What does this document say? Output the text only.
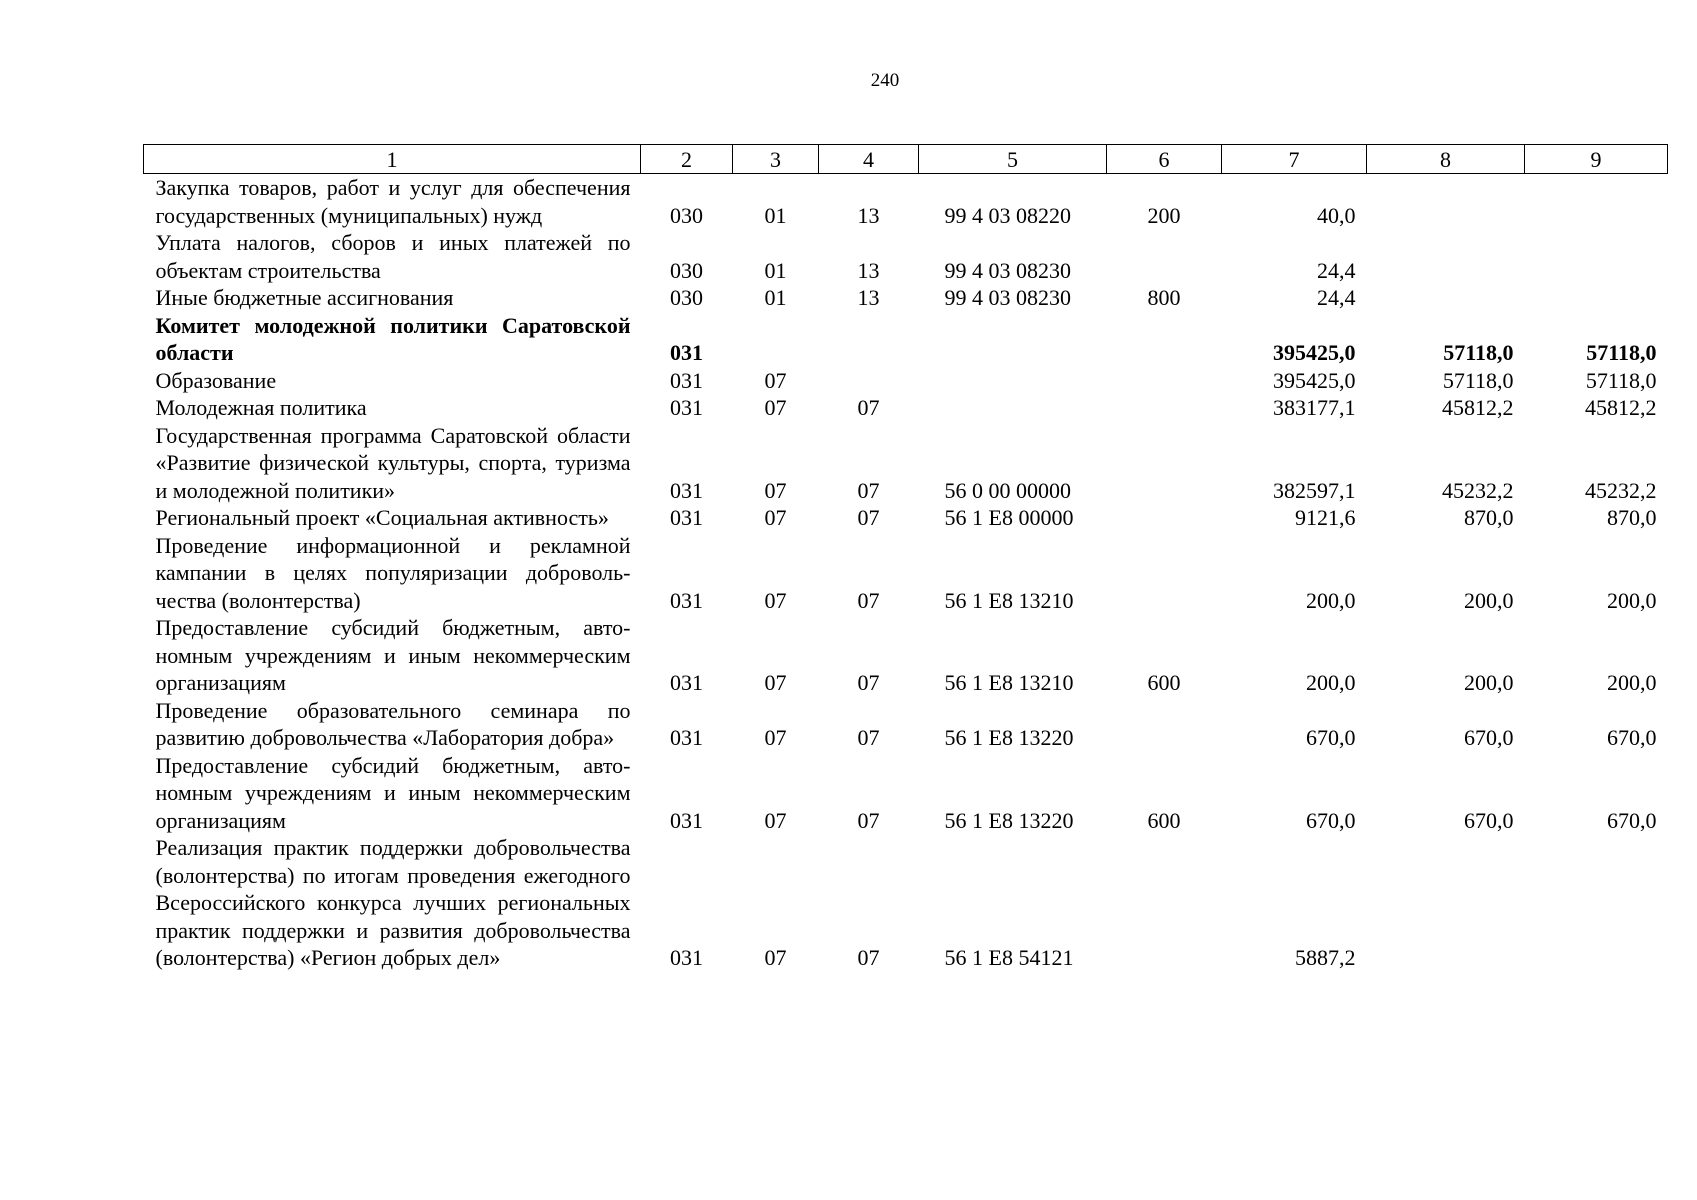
240
1	2	3	4	5	6	7	8	9
Закупка товаров, работ и услуг для обеспечения государственных (муниципальных) нужд	030	01	13	99 4 03 08220	200	40,0		
Уплата налогов, сборов и иных платежей по объектам строительства	030	01	13	99 4 03 08230		24,4		
Иные бюджетные ассигнования	030	01	13	99 4 03 08230	800	24,4		
Комитет молодежной политики Саратовской области	031					395425,0	57118,0	57118,0
Образование	031	07				395425,0	57118,0	57118,0
Молодежная политика	031	07	07			383177,1	45812,2	45812,2
Государственная программа Саратовской области «Развитие физической культуры, спорта, туризма и молодежной политики»	031	07	07	56 0 00 00000		382597,1	45232,2	45232,2
Региональный проект «Социальная активность»	031	07	07	56 1 E8 00000		9121,6	870,0	870,0
Проведение информационной и рекламной кампании в целях популяризации добровольчества (волонтерства)	031	07	07	56 1 E8 13210		200,0	200,0	200,0
Предоставление субсидий бюджетным, автономным учреждениям и иным некоммерческим организациям	031	07	07	56 1 E8 13210	600	200,0	200,0	200,0
Проведение образовательного семинара по развитию добровольчества «Лаборатория добра»	031	07	07	56 1 E8 13220		670,0	670,0	670,0
Предоставление субсидий бюджетным, автономным учреждениям и иным некоммерческим организациям	031	07	07	56 1 E8 13220	600	670,0	670,0	670,0
Реализация практик поддержки добровольчества (волонтерства) по итогам проведения ежегодного Всероссийского конкурса лучших региональных практик поддержки и развития добровольчества (волонтерства) «Регион добрых дел»	031	07	07	56 1 E8 54121		5887,2		
